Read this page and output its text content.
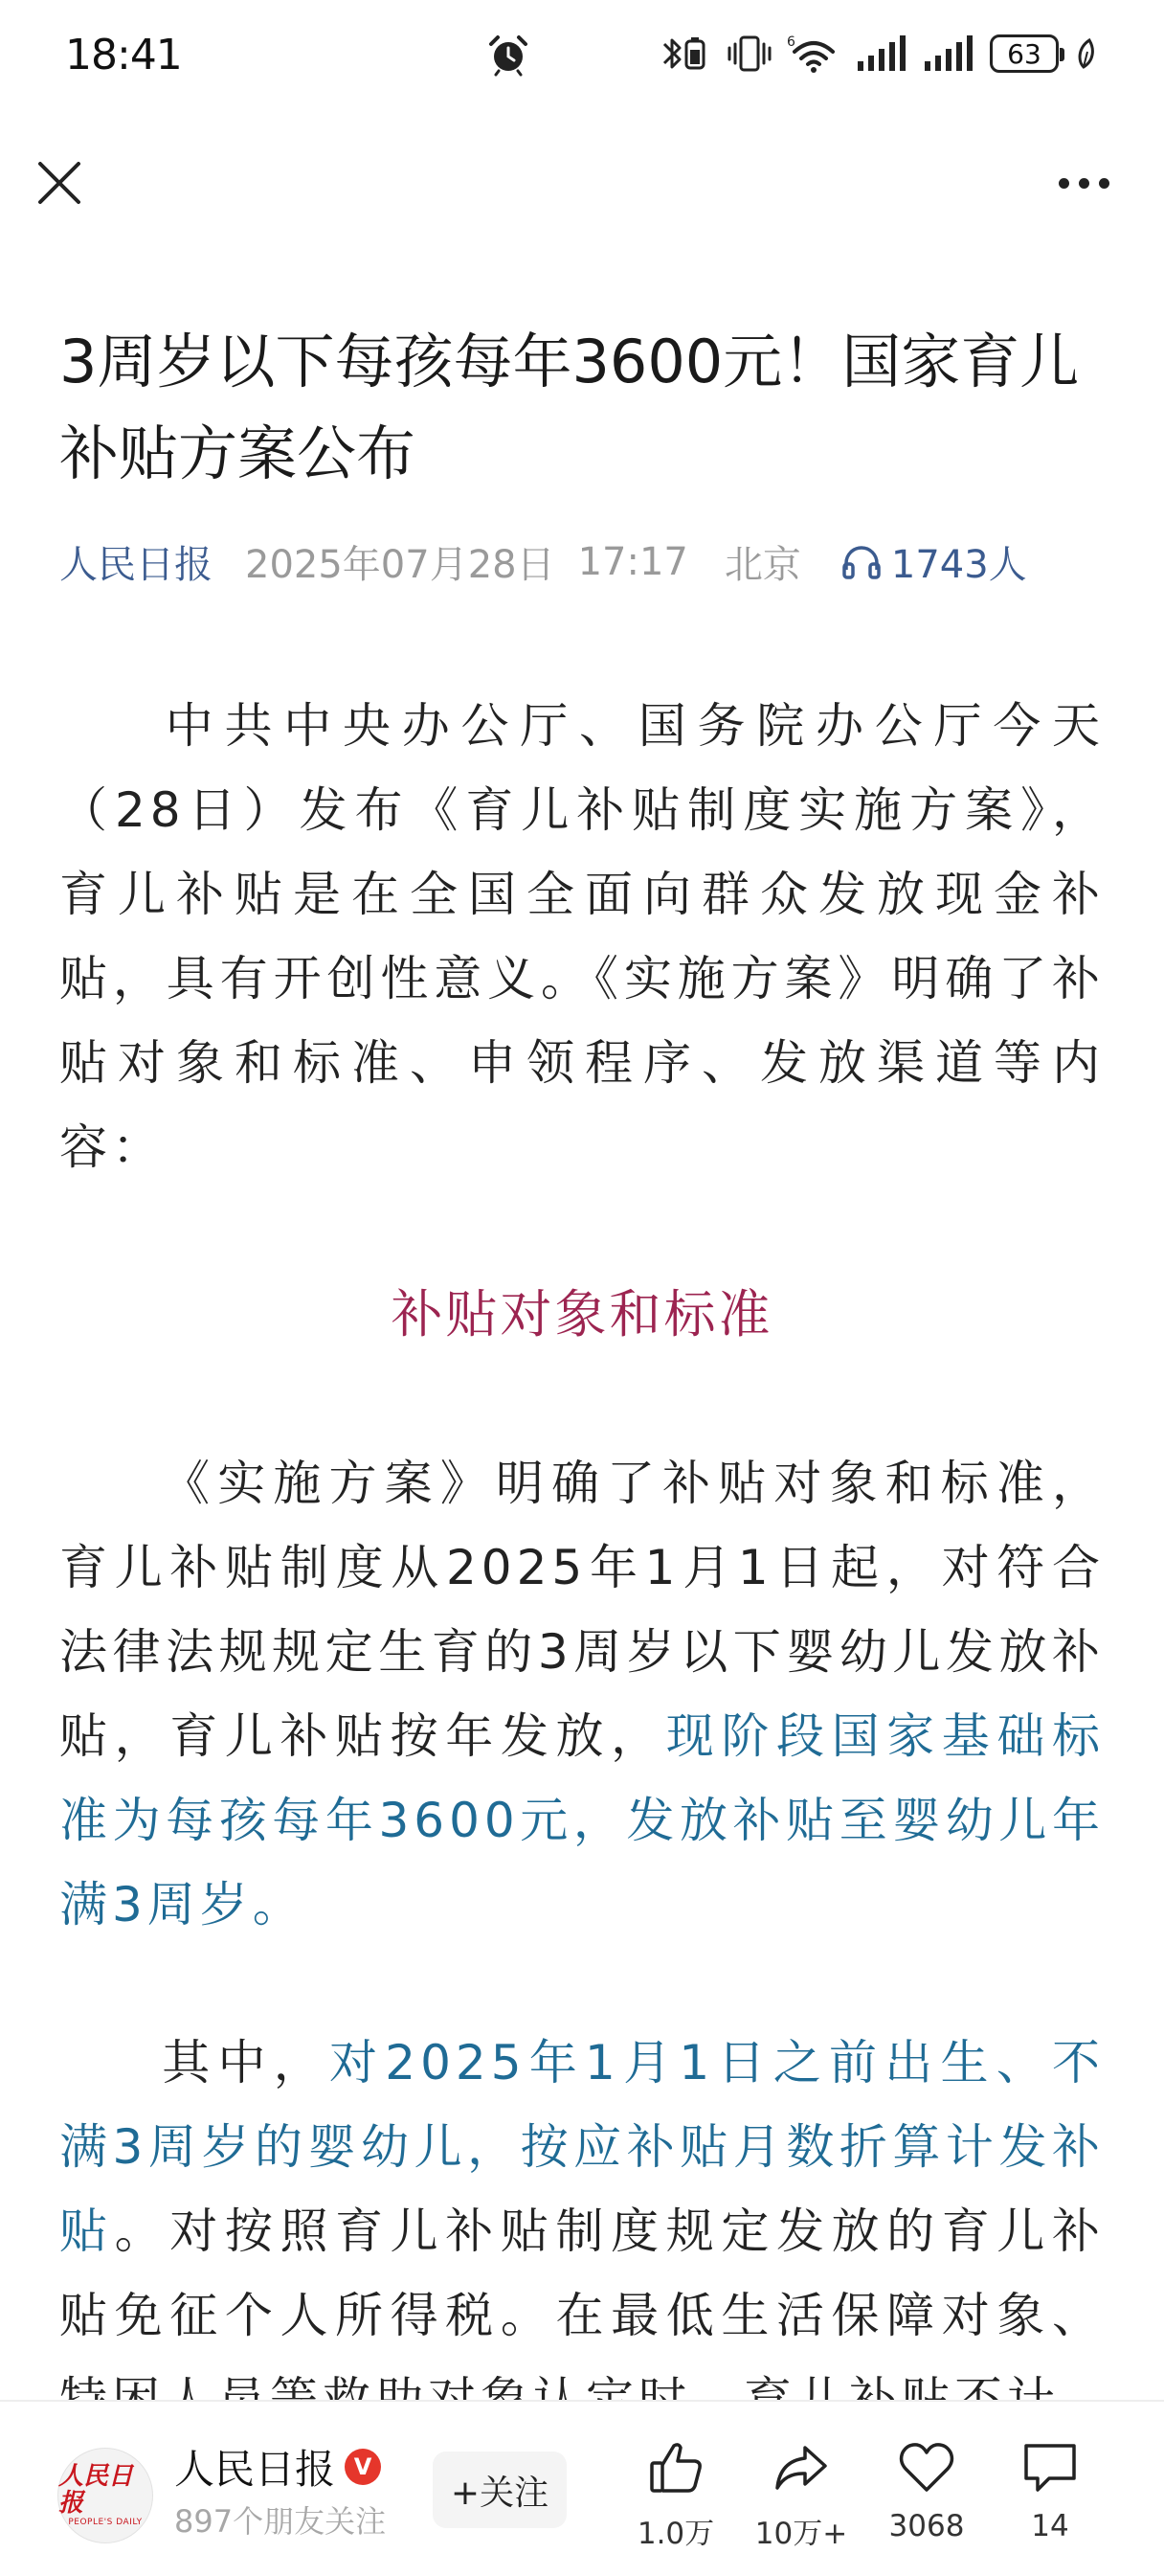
18:41	6	63
3周岁以下每孩每年3600元！国家育儿补贴方案公布
人民日报 2025年07月28日 17:17 北京 1743人

中共中央办公厅、国务院办公厅今天（28日）发布《育儿补贴制度实施方案》，育儿补贴是在全国全面向群众发放现金补贴，具有开创性意义。《实施方案》明确了补贴对象和标准、申领程序、发放渠道等内容：

补贴对象和标准

《实施方案》明确了补贴对象和标准，育儿补贴制度从2025年1月1日起，对符合法律法规规定生育的3周岁以下婴幼儿发放补贴，育儿补贴按年发放，现阶段国家基础标准为每孩每年3600元，发放补贴至婴幼儿年满3周岁。

其中，对2025年1月1日之前出生、不满3周岁的婴幼儿，按应补贴月数折算计发补贴。对按照育儿补贴制度规定发放的育儿补贴免征个人所得税。在最低生活保障对象、

人民日报
PEOPLE'S DAILY
人民日报 V
897个朋友关注
+关注
1.0万	10万+	3068	14
